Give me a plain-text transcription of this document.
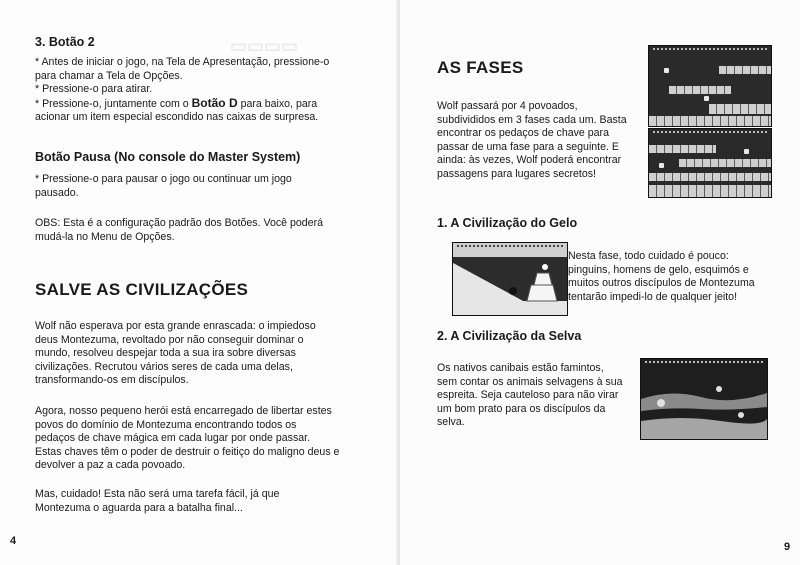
▭▭▭▭
3. Botão 2

* Antes de iniciar o jogo, na Tela de Apresentação, pressione-o

para chamar a Tela de Opções.

* Pressione-o para atirar.

* Pressione-o, juntamente com o Botão D para baixo, para

acionar um item especial escondido nas caixas de surpresa.

Botão Pausa (No console do Master System)

* Pressione-o para pausar o jogo ou continuar um jogo

pausado.

OBS: Esta é a configuração padrão dos Botões. Você poderá

mudá-la no Menu de Opções.

SALVE AS CIVILIZAÇÕES

Wolf não esperava por esta grande enrascada: o impiedoso

deus Montezuma, revoltado por não conseguir dominar o

mundo, resolveu despejar toda a sua ira sobre diversas

civilizações. Recrutou vários seres de cada uma delas,

transformando-os em discípulos.

Agora, nosso pequeno herói está encarregado de libertar estes

povos do domínio de Montezuma encontrando todos os

pedaços de chave mágica em cada lugar por onde passar.

Estas chaves têm o poder de destruir o feitiço do maligno deus e

devolver a paz a cada povoado.

Mas, cuidado! Esta não será uma tarefa fácil, já que

Montezuma o aguarda para a batalha final...

4
AS FASES

Wolf passará por 4 povoados,

subdivididos em 3 fases cada um. Basta

encontrar os pedaços de chave para

passar de uma fase para a seguinte. E

ainda: às vezes, Wolf poderá encontrar

passagens para lugares secretos!

1. A Civilização do Gelo

Nesta fase, todo cuidado é pouco:

pinguins, homens de gelo, esquimós e

muitos outros discípulos de Montezuma

tentarão impedi-lo de qualquer jeito!

2. A Civilização da Selva

Os nativos canibais estão famintos,

sem contar os animais selvagens à sua

espreita. Seja cauteloso para não virar

um bom prato para os discípulos da

selva.

9
